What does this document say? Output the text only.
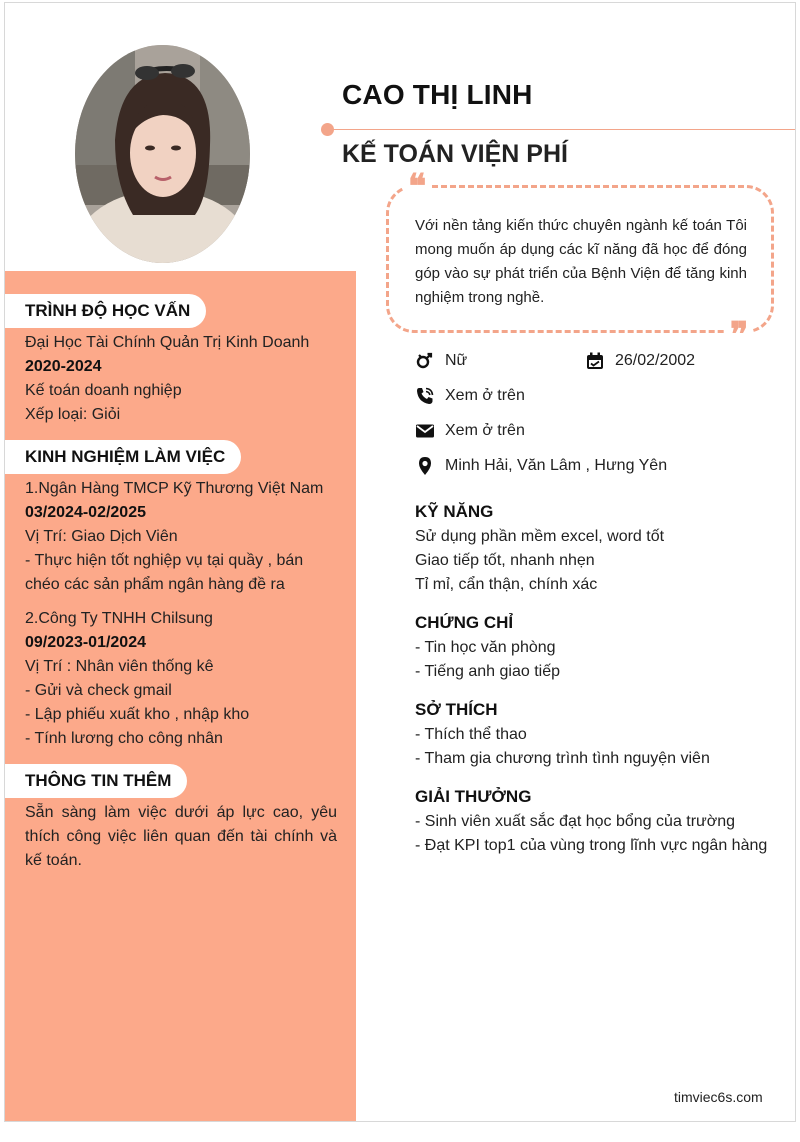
CAO THỊ LINH
KẾ TOÁN VIỆN PHÍ
Với nền tảng kiến thức chuyên ngành kế toán Tôi mong muốn áp dụng các kĩ năng đã học để đóng góp vào sự phát triển của Bệnh Viện để tăng kinh nghiệm trong nghề.
❝
❞
Nữ	26/02/2002
Xem ở trên
Xem ở trên
Minh Hải, Văn Lâm , Hưng Yên
TRÌNH ĐỘ HỌC VẤN

Đại Học Tài Chính Quản Trị Kinh Doanh

2020-2024

Kế toán doanh nghiệp

Xếp loại: Giỏi

KINH NGHIỆM LÀM VIỆC

1.Ngân Hàng TMCP Kỹ Thương Việt Nam

03/2024-02/2025

Vị Trí: Giao Dịch Viên

- Thực hiện tốt nghiệp vụ tại quầy , bán chéo các sản phẩm ngân hàng đề ra

2.Công Ty TNHH Chilsung

09/2023-01/2024

Vị Trí : Nhân viên thống kê

- Gửi và check gmail

- Lập phiếu xuất kho , nhập kho

- Tính lương cho công nhân

THÔNG TIN THÊM

Sẵn sàng làm việc dưới áp lực cao, yêu thích công việc liên quan đến tài chính và kế toán.

KỸ NĂNG
Sử dụng phần mềm excel, word tốt
Giao tiếp tốt, nhanh nhẹn
Tỉ mỉ, cẩn thận, chính xác
CHỨNG CHỈ
- Tin học văn phòng
- Tiếng anh giao tiếp
SỞ THÍCH
- Thích thể thao
- Tham gia chương trình tình nguyện viên
GIẢI THƯỞNG
- Sinh viên xuất sắc đạt học bổng của trường
- Đạt KPI top1 của vùng trong lĩnh vực ngân hàng
timviec6s.com
